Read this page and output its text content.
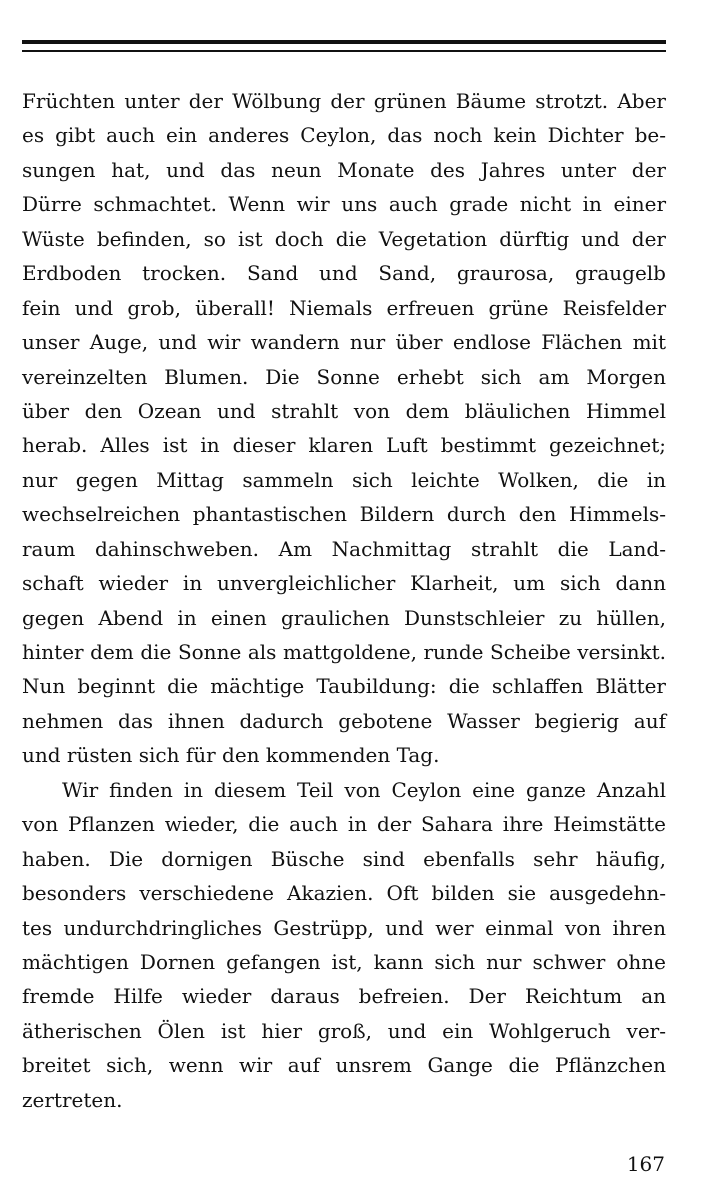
Früchten unter der Wölbung der grünen Bäume strotzt. Aber
es gibt auch ein anderes Ceylon, das noch kein Dichter be-
sungen hat, und das neun Monate des Jahres unter der
Dürre schmachtet. Wenn wir uns auch grade nicht in einer
Wüste befinden, so ist doch die Vegetation dürftig und der
Erdboden trocken. Sand und Sand, graurosa, graugelb
fein und grob, überall! Niemals erfreuen grüne Reisfelder
unser Auge, und wir wandern nur über endlose Flächen mit
vereinzelten Blumen. Die Sonne erhebt sich am Morgen
über den Ozean und strahlt von dem bläulichen Himmel
herab. Alles ist in dieser klaren Luft bestimmt gezeichnet;
nur gegen Mittag sammeln sich leichte Wolken, die in
wechselreichen phantastischen Bildern durch den Himmels-
raum dahinschweben. Am Nachmittag strahlt die Land-
schaft wieder in unvergleichlicher Klarheit, um sich dann
gegen Abend in einen graulichen Dunstschleier zu hüllen,
hinter dem die Sonne als mattgoldene, runde Scheibe versinkt.
Nun beginnt die mächtige Taubildung: die schlaffen Blätter
nehmen das ihnen dadurch gebotene Wasser begierig auf
und rüsten sich für den kommenden Tag.
Wir finden in diesem Teil von Ceylon eine ganze Anzahl
von Pflanzen wieder, die auch in der Sahara ihre Heimstätte
haben. Die dornigen Büsche sind ebenfalls sehr häufig,
besonders verschiedene Akazien. Oft bilden sie ausgedehn-
tes undurchdringliches Gestrüpp, und wer einmal von ihren
mächtigen Dornen gefangen ist, kann sich nur schwer ohne
fremde Hilfe wieder daraus befreien. Der Reichtum an
ätherischen Ölen ist hier groß, und ein Wohlgeruch ver-
breitet sich, wenn wir auf unsrem Gange die Pflänzchen
zertreten.
167
